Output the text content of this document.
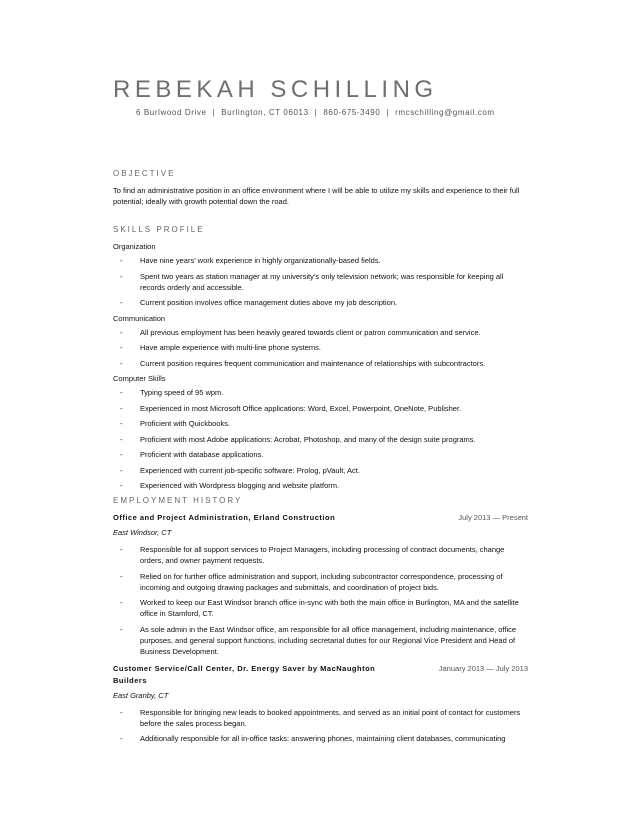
REBEKAH SCHILLING
6 Burlwood Drive | Burlington, CT 06013 | 860-675-3490 | rmcschilling@gmail.com
OBJECTIVE

To find an administrative position in an office environment where I will be able to utilize my skills and experience to their full potential; ideally with growth potential down the road.

SKILLS PROFILE
Organization
- Have nine years’ work experience in highly organizationally-based fields.
- Spent two years as station manager at my university’s only television network; was responsible for keeping all records orderly and accessible.
- Current position involves office management duties above my job description.
Communication
- All previous employment has been heavily geared towards client or patron communication and service.
- Have ample experience with multi-line phone systems.
- Current position requires frequent communication and maintenance of relationships with subcontractors.
Computer Skills
- Typing speed of 95 wpm.
- Experienced in most Microsoft Office applications: Word, Excel, Powerpoint, OneNote, Publisher.
- Proficient with Quickbooks.
- Proficient with most Adobe applications: Acrobat, Photoshop, and many of the design suite programs.
- Proficient with database applications.
- Experienced with current job-specific software: Prolog, pVault, Act.
- Experienced with Wordpress blogging and website platform.
EMPLOYMENT HISTORY
Office and Project Administration, Erland Construction	July 2013 — Present
East Windsor, CT
- Responsible for all support services to Project Managers, including processing of contract documents, change orders, and owner payment requests.
- Relied on for further office administration and support, including subcontractor correspondence, processing of incoming and outgoing drawing packages and submittals, and coordination of project bids.
- Worked to keep our East Windsor branch office in-sync with both the main office in Burlington, MA and the satellite office in Stamford, CT.
- As sole admin in the East Windsor office, am responsible for all office management, including maintenance, office purposes, and general support functions, including secretarial duties for our Regional Vice President and Head of Business Development.
Customer Service/Call Center, Dr. Energy Saver by MacNaughton Builders
January 2013 — July 2013
East Granby, CT
- Responsible for bringing new leads to booked appointments, and served as an initial point of contact for customers before the sales process began.
- Additionally responsible for all in-office tasks: answering phones, maintaining client databases, communicating
